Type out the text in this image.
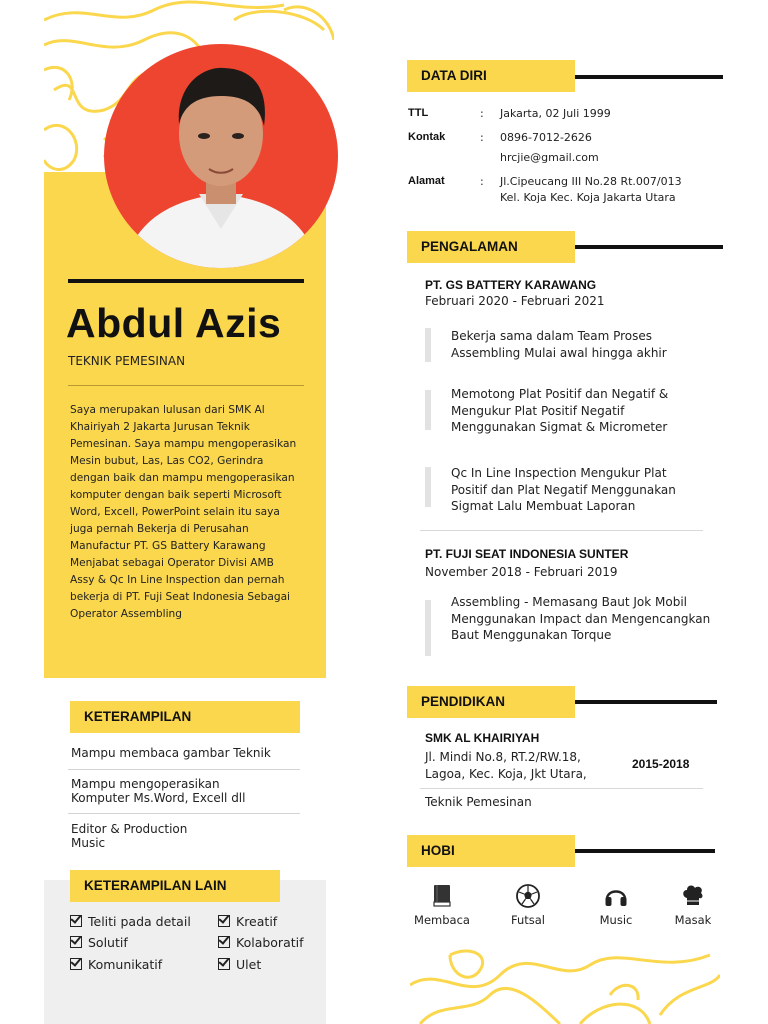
Abdul Azis
TEKNIK PEMESINAN
Saya merupakan lulusan dari SMK Al Khairiyah 2 Jakarta Jurusan Teknik Pemesinan. Saya mampu mengoperasikan Mesin bubut, Las, Las CO2, Gerindra dengan baik dan mampu mengoperasikan komputer dengan baik seperti Microsoft Word, Excell, PowerPoint selain itu saya juga pernah Bekerja di Perusahan Manufactur PT. GS Battery Karawang Menjabat sebagai Operator Divisi AMB Assy & Qc In Line Inspection dan pernah bekerja di PT. Fuji Seat Indonesia Sebagai Operator Assembling
KETERAMPILAN
Mampu membaca gambar Teknik
Mampu mengoperasikan Komputer Ms.Word, Excell dll
Editor & Production Music
KETERAMPILAN LAIN
Teliti pada detail
Solutif
Komunikatif
Kreatif
Kolaboratif
Ulet
DATA DIRI
TTL	: Jakarta, 02 Juli 1999
Kontak	: 0896-7012-2626
hrcjie@gmail.com
Alamat	: Jl.Cipeucang III No.28 Rt.007/013
Kel. Koja Kec. Koja Jakarta Utara
PENGALAMAN
PT. GS BATTERY KARAWANG
Februari 2020 - Februari 2021
Bekerja sama dalam Team Proses Assembling Mulai awal hingga akhir
Memotong Plat Positif dan Negatif & Mengukur Plat Positif Negatif Menggunakan Sigmat & Micrometer
Qc In Line Inspection Mengukur Plat Positif dan Plat Negatif Menggunakan Sigmat Lalu Membuat Laporan
PT. FUJI SEAT INDONESIA SUNTER
November 2018 - Februari 2019
Assembling - Memasang Baut Jok Mobil Menggunakan Impact dan Mengencangkan Baut Menggunakan Torque
PENDIDIKAN
SMK AL KHAIRIYAH
Jl. Mindi No.8, RT.2/RW.18, Lagoa, Kec. Koja, Jkt Utara,
2015-2018
Teknik Pemesinan
HOBI
Membaca	Futsal	Music	Masak
